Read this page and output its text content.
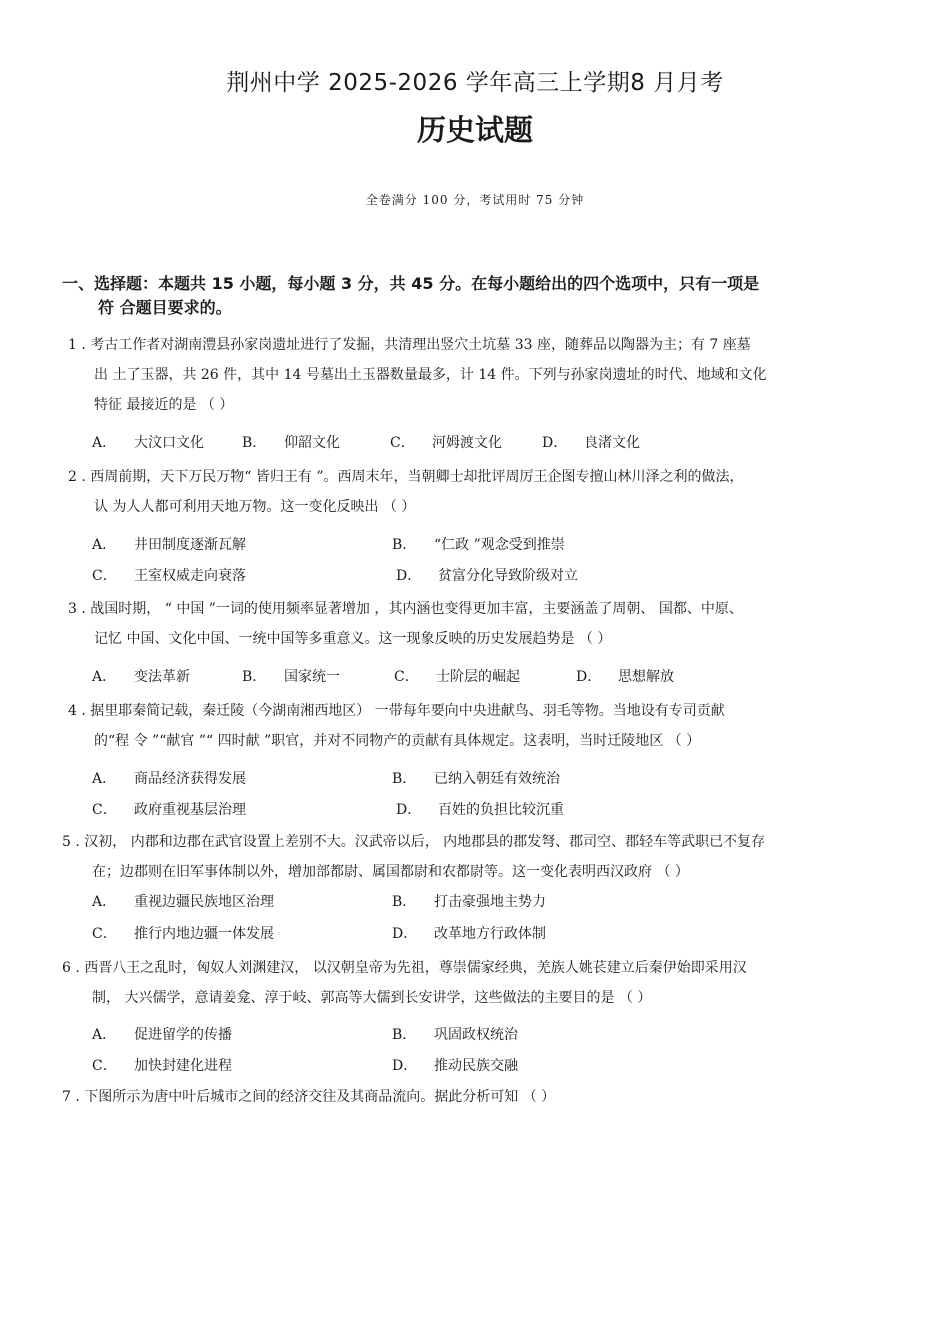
荆州中学 2025-2026 学年高三上学期8 月月考
历史试题
全卷满分 100 分，考试用时 75 分钟
一、选择题：本题共 15 小题，每小题 3 分，共 45 分。在每小题给出的四个选项中，只有一项是
符 合题目要求的。
1 . 考古工作者对湖南澧县孙家岗遗址进行了发掘，共清理出竖穴土坑墓 33 座，随葬品以陶器为主；有 7 座墓
出 土了玉器，共 26 件，其中 14 号墓出土玉器数量最多，计 14 件。下列与孙家岗遗址的时代、地域和文化
特征 最接近的是 （ ）
A． 大汶口文化	B． 仰韶文化	C． 河姆渡文化	D． 良渚文化
2 . 西周前期，天下万民万物“ 皆归王有 ”。西周末年，当朝卿士却批评周厉王企图专擅山林川泽之利的做法，
认 为人人都可利用天地万物。这一变化反映出 （ ）
A． 井田制度逐渐瓦解	B． “仁政 ”观念受到推崇
C． 王室权威走向衰落	D． 贫富分化导致阶级对立
3 . 战国时期， “ 中国 ”一词的使用频率显著增加 ，其内涵也变得更加丰富，主要涵盖了周朝、 国都、中原、
记忆 中国、文化中国、一统中国等多重意义。这一现象反映的历史发展趋势是 （ ）
A． 变法革新	B． 国家统一	C． 士阶层的崛起	D． 思想解放
4 . 据里耶秦简记载，秦迁陵（今湖南湘西地区） 一带每年要向中央进献鸟、羽毛等物。当地设有专司贡献
的“程 令 ”“献官 ”“ 四时献 ”职官，并对不同物产的贡献有具体规定。这表明，当时迁陵地区 （ ）
A． 商品经济获得发展	B． 已纳入朝廷有效统治
C． 政府重视基层治理	D． 百姓的负担比较沉重
5 . 汉初， 内郡和边郡在武官设置上差别不大。汉武帝以后， 内地郡县的郡发弩、郡司空、郡轻车等武职已不复存
在；边郡则在旧军事体制以外，增加部都尉、属国都尉和农都尉等。这一变化表明西汉政府 （ ）
A． 重视边疆民族地区治理	B． 打击豪强地主势力
C． 推行内地边疆一体发展	D． 改革地方行政体制
6 . 西晋八王之乱时，匈奴人刘渊建汉， 以汉朝皇帝为先祖，尊崇儒家经典，羌族人姚苌建立后秦伊始即采用汉
制， 大兴儒学，意请姜龛、淳于岐、郭高等大儒到长安讲学，这些做法的主要目的是 （ ）
A． 促进留学的传播	B． 巩固政权统治
C． 加快封建化进程	D． 推动民族交融
7 . 下图所示为唐中叶后城市之间的经济交往及其商品流向。据此分析可知 （ ）
